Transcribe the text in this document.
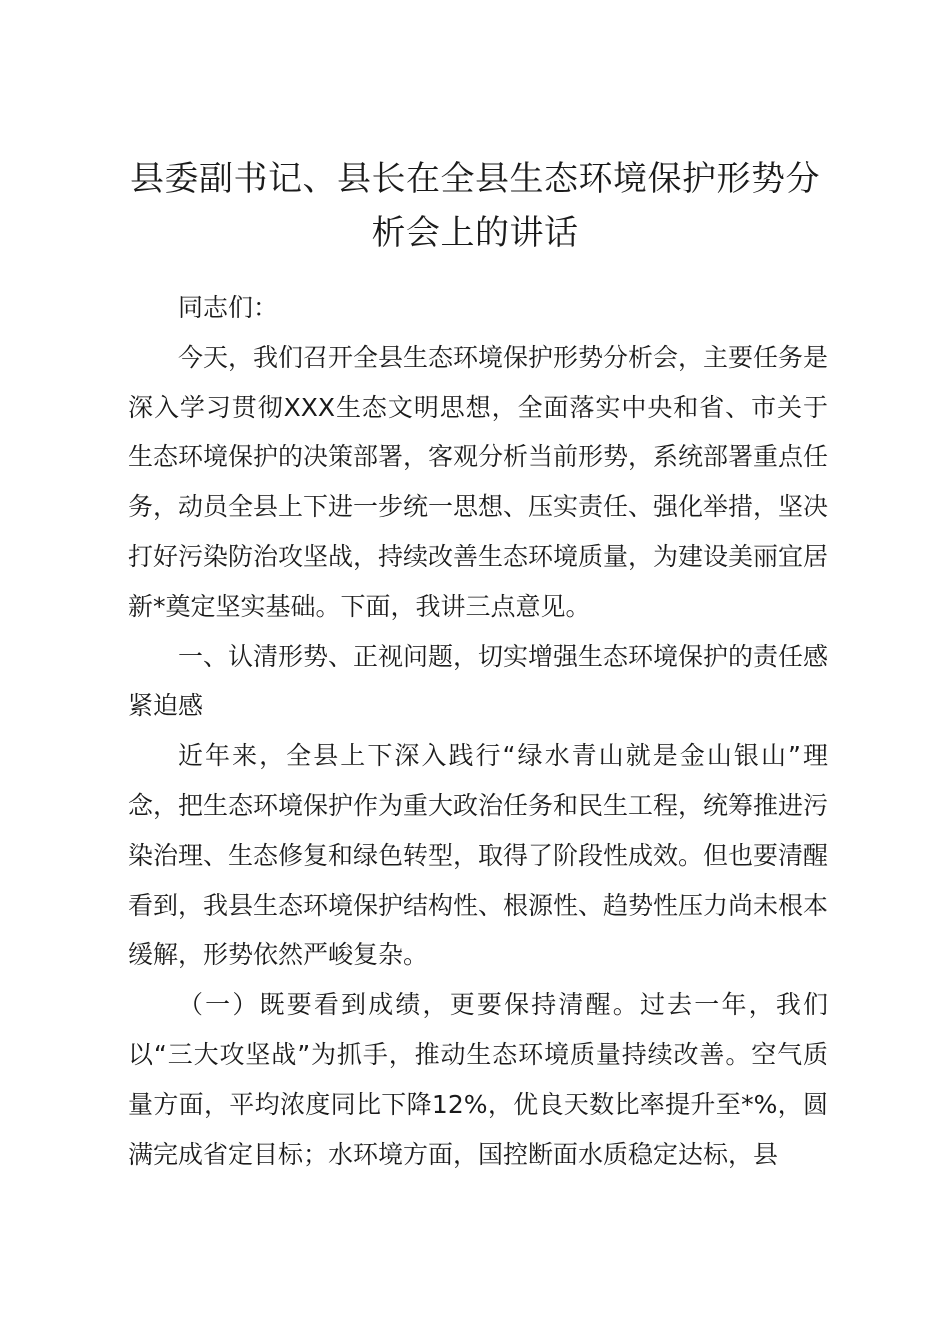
县委副书记、县长在全县生态环境保护形势分析会上的讲话

同志们：

今天，我们召开全县生态环境保护形势分析会，主要任务是深入学习贯彻XXX生态文明思想，全面落实中央和省、市关于生态环境保护的决策部署，客观分析当前形势，系统部署重点任务，动员全县上下进一步统一思想、压实责任、强化举措，坚决打好污染防治攻坚战，持续改善生态环境质量，为建设美丽宜居新*奠定坚实基础。下面，我讲三点意见。

一、认清形势、正视问题，切实增强生态环境保护的责任感紧迫感

近年来，全县上下深入践行“绿水青山就是金山银山”理念，把生态环境保护作为重大政治任务和民生工程，统筹推进污染治理、生态修复和绿色转型，取得了阶段性成效。但也要清醒看到，我县生态环境保护结构性、根源性、趋势性压力尚未根本缓解，形势依然严峻复杂。

（一）既要看到成绩，更要保持清醒。过去一年，我们以“三大攻坚战”为抓手，推动生态环境质量持续改善。空气质量方面，平均浓度同比下降12%，优良天数比率提升至*%，圆满完成省定目标；水环境方面，国控断面水质稳定达标，县
